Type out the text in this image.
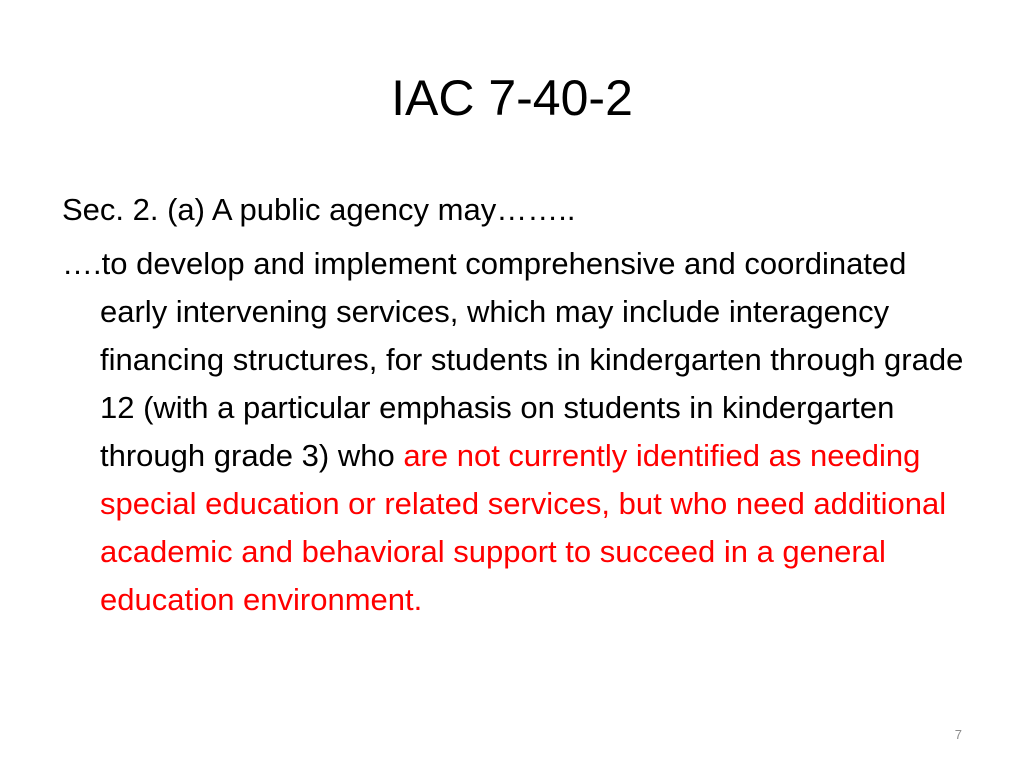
IAC 7-40-2

Sec. 2. (a) A public agency may……..

….to develop and implement comprehensive and coordinated early intervening services, which may include interagency financing structures, for students in kindergarten through grade 12 (with a particular emphasis on students in kindergarten through grade 3) who are not currently identified as needing special education or related services, but who need additional academic and behavioral support to succeed in a general education environment.

7
